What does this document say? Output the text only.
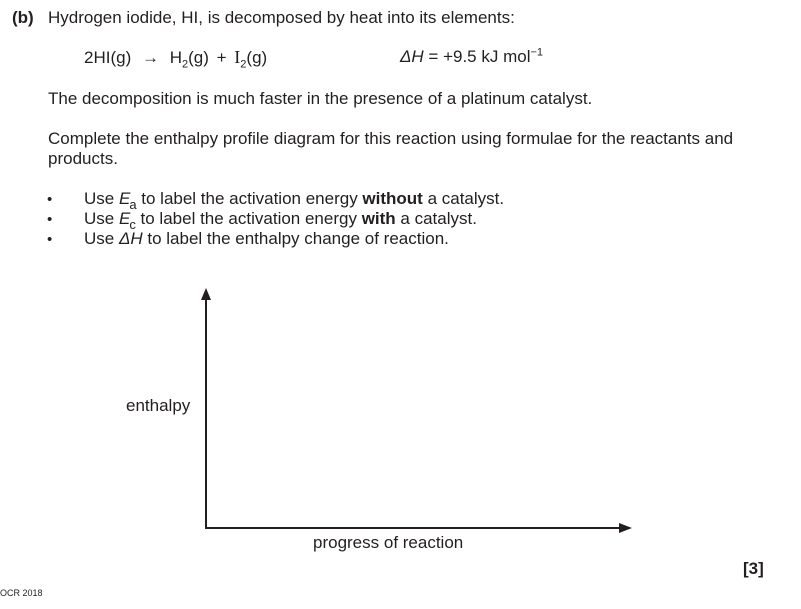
(b) Hydrogen iodide, HI, is decomposed by heat into its elements:
$2HI(g) \to H_2(g) + I_2(g)$	ΔH = +9.5 kJ mol$^{-1}$
The decomposition is much faster in the presence of a platinum catalyst.
Complete the enthalpy profile diagram for this reaction using formulae for the reactants and
products.
• Use $E_a$ to label the activation energy without a catalyst.
• Use $E_c$ to label the activation energy with a catalyst.
• Use ΔH to label the enthalpy change of reaction.
enthalpy
progress of reaction
[3]
OCR 2018
